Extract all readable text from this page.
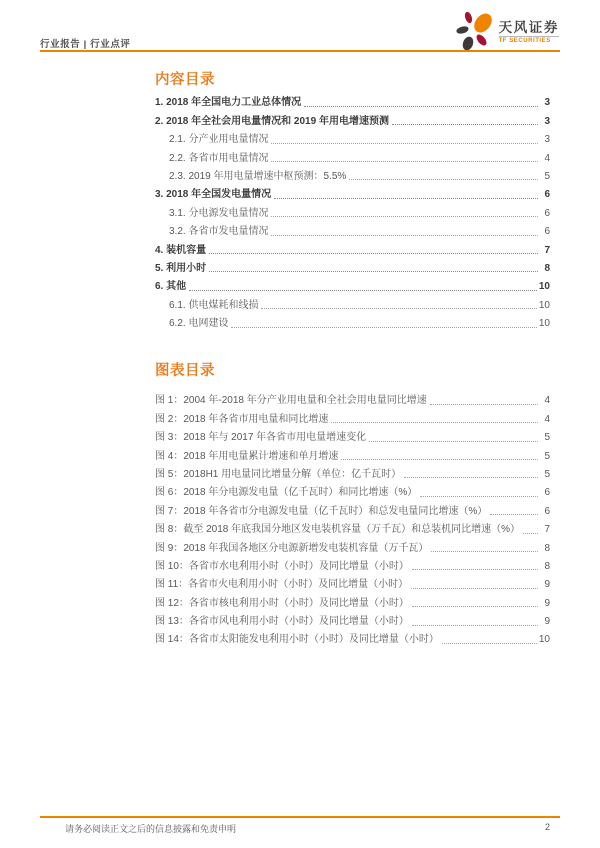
行业报告 | 行业点评
天风证券
TF SECURITIES
内容目录
1. 2018 年全国电力工业总体情况	3
2. 2018 年全社会用电量情况和 2019 年用电增速预测	3
2.1. 分产业用电量情况	3
2.2. 各省市用电量情况	4
2.3. 2019 年用电量增速中枢预测：5.5%	5
3. 2018 年全国发电量情况	6
3.1. 分电源发电量情况	6
3.2. 各省市发电量情况	6
4. 装机容量	7
5. 利用小时	8
6. 其他	10
6.1. 供电煤耗和线损	10
6.2. 电网建设	10
图表目录
图 1：2004 年-2018 年分产业用电量和全社会用电量同比增速	4
图 2：2018 年各省市用电量和同比增速	4
图 3：2018 年与 2017 年各省市用电量增速变化	5
图 4：2018 年用电量累计增速和单月增速	5
图 5：2018H1 用电量同比增量分解（单位：亿千瓦时）	5
图 6：2018 年分电源发电量（亿千瓦时）和同比增速（%）	6
图 7：2018 年各省市分电源发电量（亿千瓦时）和总发电量同比增速（%）	6
图 8：截至 2018 年底我国分地区发电装机容量（万千瓦）和总装机同比增速（%）	7
图 9：2018 年我国各地区分电源新增发电装机容量（万千瓦）	8
图 10：各省市水电利用小时（小时）及同比增量（小时）	8
图 11：各省市火电利用小时（小时）及同比增量（小时）	9
图 12：各省市核电利用小时（小时）及同比增量（小时）	9
图 13：各省市风电利用小时（小时）及同比增量（小时）	9
图 14：各省市太阳能发电利用小时（小时）及同比增量（小时）	10
请务必阅读正文之后的信息披露和免责申明	2
